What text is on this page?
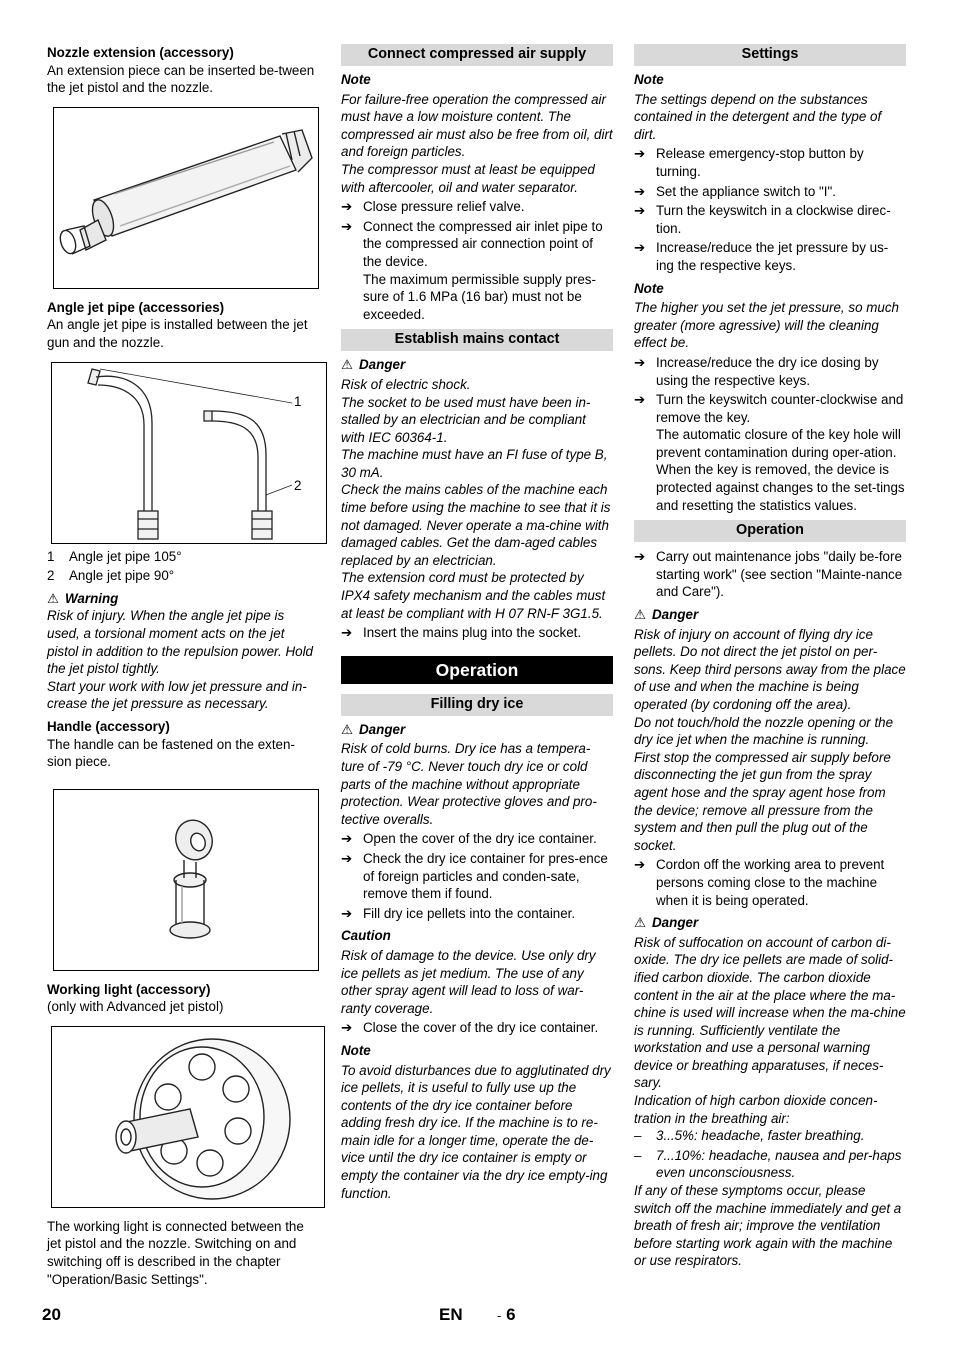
Nozzle extension (accessory)

An extension piece can be inserted be-tween the jet pistol and the nozzle.

Angle jet pipe (accessories)

An angle jet pipe is installed between the jet gun and the nozzle.

1
2
1 Angle jet pipe 105°
2 Angle jet pipe 90°

⚠ Warning

Risk of injury. When the angle jet pipe is used, a torsional moment acts on the jet pistol in addition to the repulsion power. Hold the jet pistol tightly.

Start your work with low jet pressure and in-crease the jet pressure as necessary.

Handle (accessory)

The handle can be fastened on the exten-sion piece.

Working light (accessory)

(only with Advanced jet pistol)

The working light is connected between the jet pistol and the nozzle. Switching on and switching off is described in the chapter "Operation/Basic Settings".

Connect compressed air supply

Note

For failure-free operation the compressed air must have a low moisture content. The compressed air must also be free from oil, dirt and foreign particles.

The compressor must at least be equipped with aftercooler, oil and water separator.

➔ Close pressure relief valve.
➔ Connect the compressed air inlet pipe to the compressed air connection point of the device.

The maximum permissible supply pres-sure of 1.6 MPa (16 bar) must not be exceeded.

Establish mains contact

⚠ Danger

Risk of electric shock.

The socket to be used must have been in-stalled by an electrician and be compliant with IEC 60364-1.

The machine must have an FI fuse of type B, 30 mA.

Check the mains cables of the machine each time before using the machine to see that it is not damaged. Never operate a ma-chine with damaged cables. Get the dam-aged cables replaced by an electrician.

The extension cord must be protected by IPX4 safety mechanism and the cables must at least be compliant with H 07 RN-F 3G1.5.

➔ Insert the mains plug into the socket.
Operation
Filling dry ice

⚠ Danger

Risk of cold burns. Dry ice has a tempera-ture of -79 °C. Never touch dry ice or cold parts of the machine without appropriate protection. Wear protective gloves and pro-tective overalls.

➔ Open the cover of the dry ice container.
➔ Check the dry ice container for pres-ence of foreign particles and conden-sate, remove them if found.
➔ Fill dry ice pellets into the container.

Caution

Risk of damage to the device. Use only dry ice pellets as jet medium. The use of any other spray agent will lead to loss of war-ranty coverage.

➔ Close the cover of the dry ice container.

Note

To avoid disturbances due to agglutinated dry ice pellets, it is useful to fully use up the contents of the dry ice container before adding fresh dry ice. If the machine is to re-main idle for a longer time, operate the de-vice until the dry ice container is empty or empty the container via the dry ice empty-ing function.

Settings

Note

The settings depend on the substances contained in the detergent and the type of dirt.

➔ Release emergency-stop button by turning.
➔ Set the appliance switch to "I".
➔ Turn the keyswitch in a clockwise direc-tion.
➔ Increase/reduce the jet pressure by us-ing the respective keys.

Note

The higher you set the jet pressure, so much greater (more agressive) will the cleaning effect be.

➔ Increase/reduce the dry ice dosing by using the respective keys.
➔ Turn the keyswitch counter-clockwise and remove the key.

The automatic closure of the key hole will prevent contamination during oper-ation.

When the key is removed, the device is protected against changes to the set-tings and resetting the statistics values.

Operation
➔ Carry out maintenance jobs "daily be-fore starting work" (see section "Mainte-nance and Care").

⚠ Danger

Risk of injury on account of flying dry ice pellets. Do not direct the jet pistol on per-sons. Keep third persons away from the place of use and when the machine is being operated (by cordoning off the area).

Do not touch/hold the nozzle opening or the dry ice jet when the machine is running.

First stop the compressed air supply before disconnecting the jet gun from the spray agent hose and the spray agent hose from the device; remove all pressure from the system and then pull the plug out of the socket.

➔ Cordon off the working area to prevent persons coming close to the machine when it is being operated.

⚠ Danger

Risk of suffocation on account of carbon di-oxide. The dry ice pellets are made of solid-ified carbon dioxide. The carbon dioxide content in the air at the place where the ma-chine is used will increase when the ma-chine is running. Sufficiently ventilate the workstation and use a personal warning device or breathing apparatuses, if neces-sary.

Indication of high carbon dioxide concen-tration in the breathing air:

– 3...5%: headache, faster breathing.
– 7...10%: headache, nausea and per-haps even unconsciousness.

If any of these symptoms occur, please switch off the machine immediately and get a breath of fresh air; improve the ventilation before starting work again with the machine or use respirators.

20	EN	- 6
